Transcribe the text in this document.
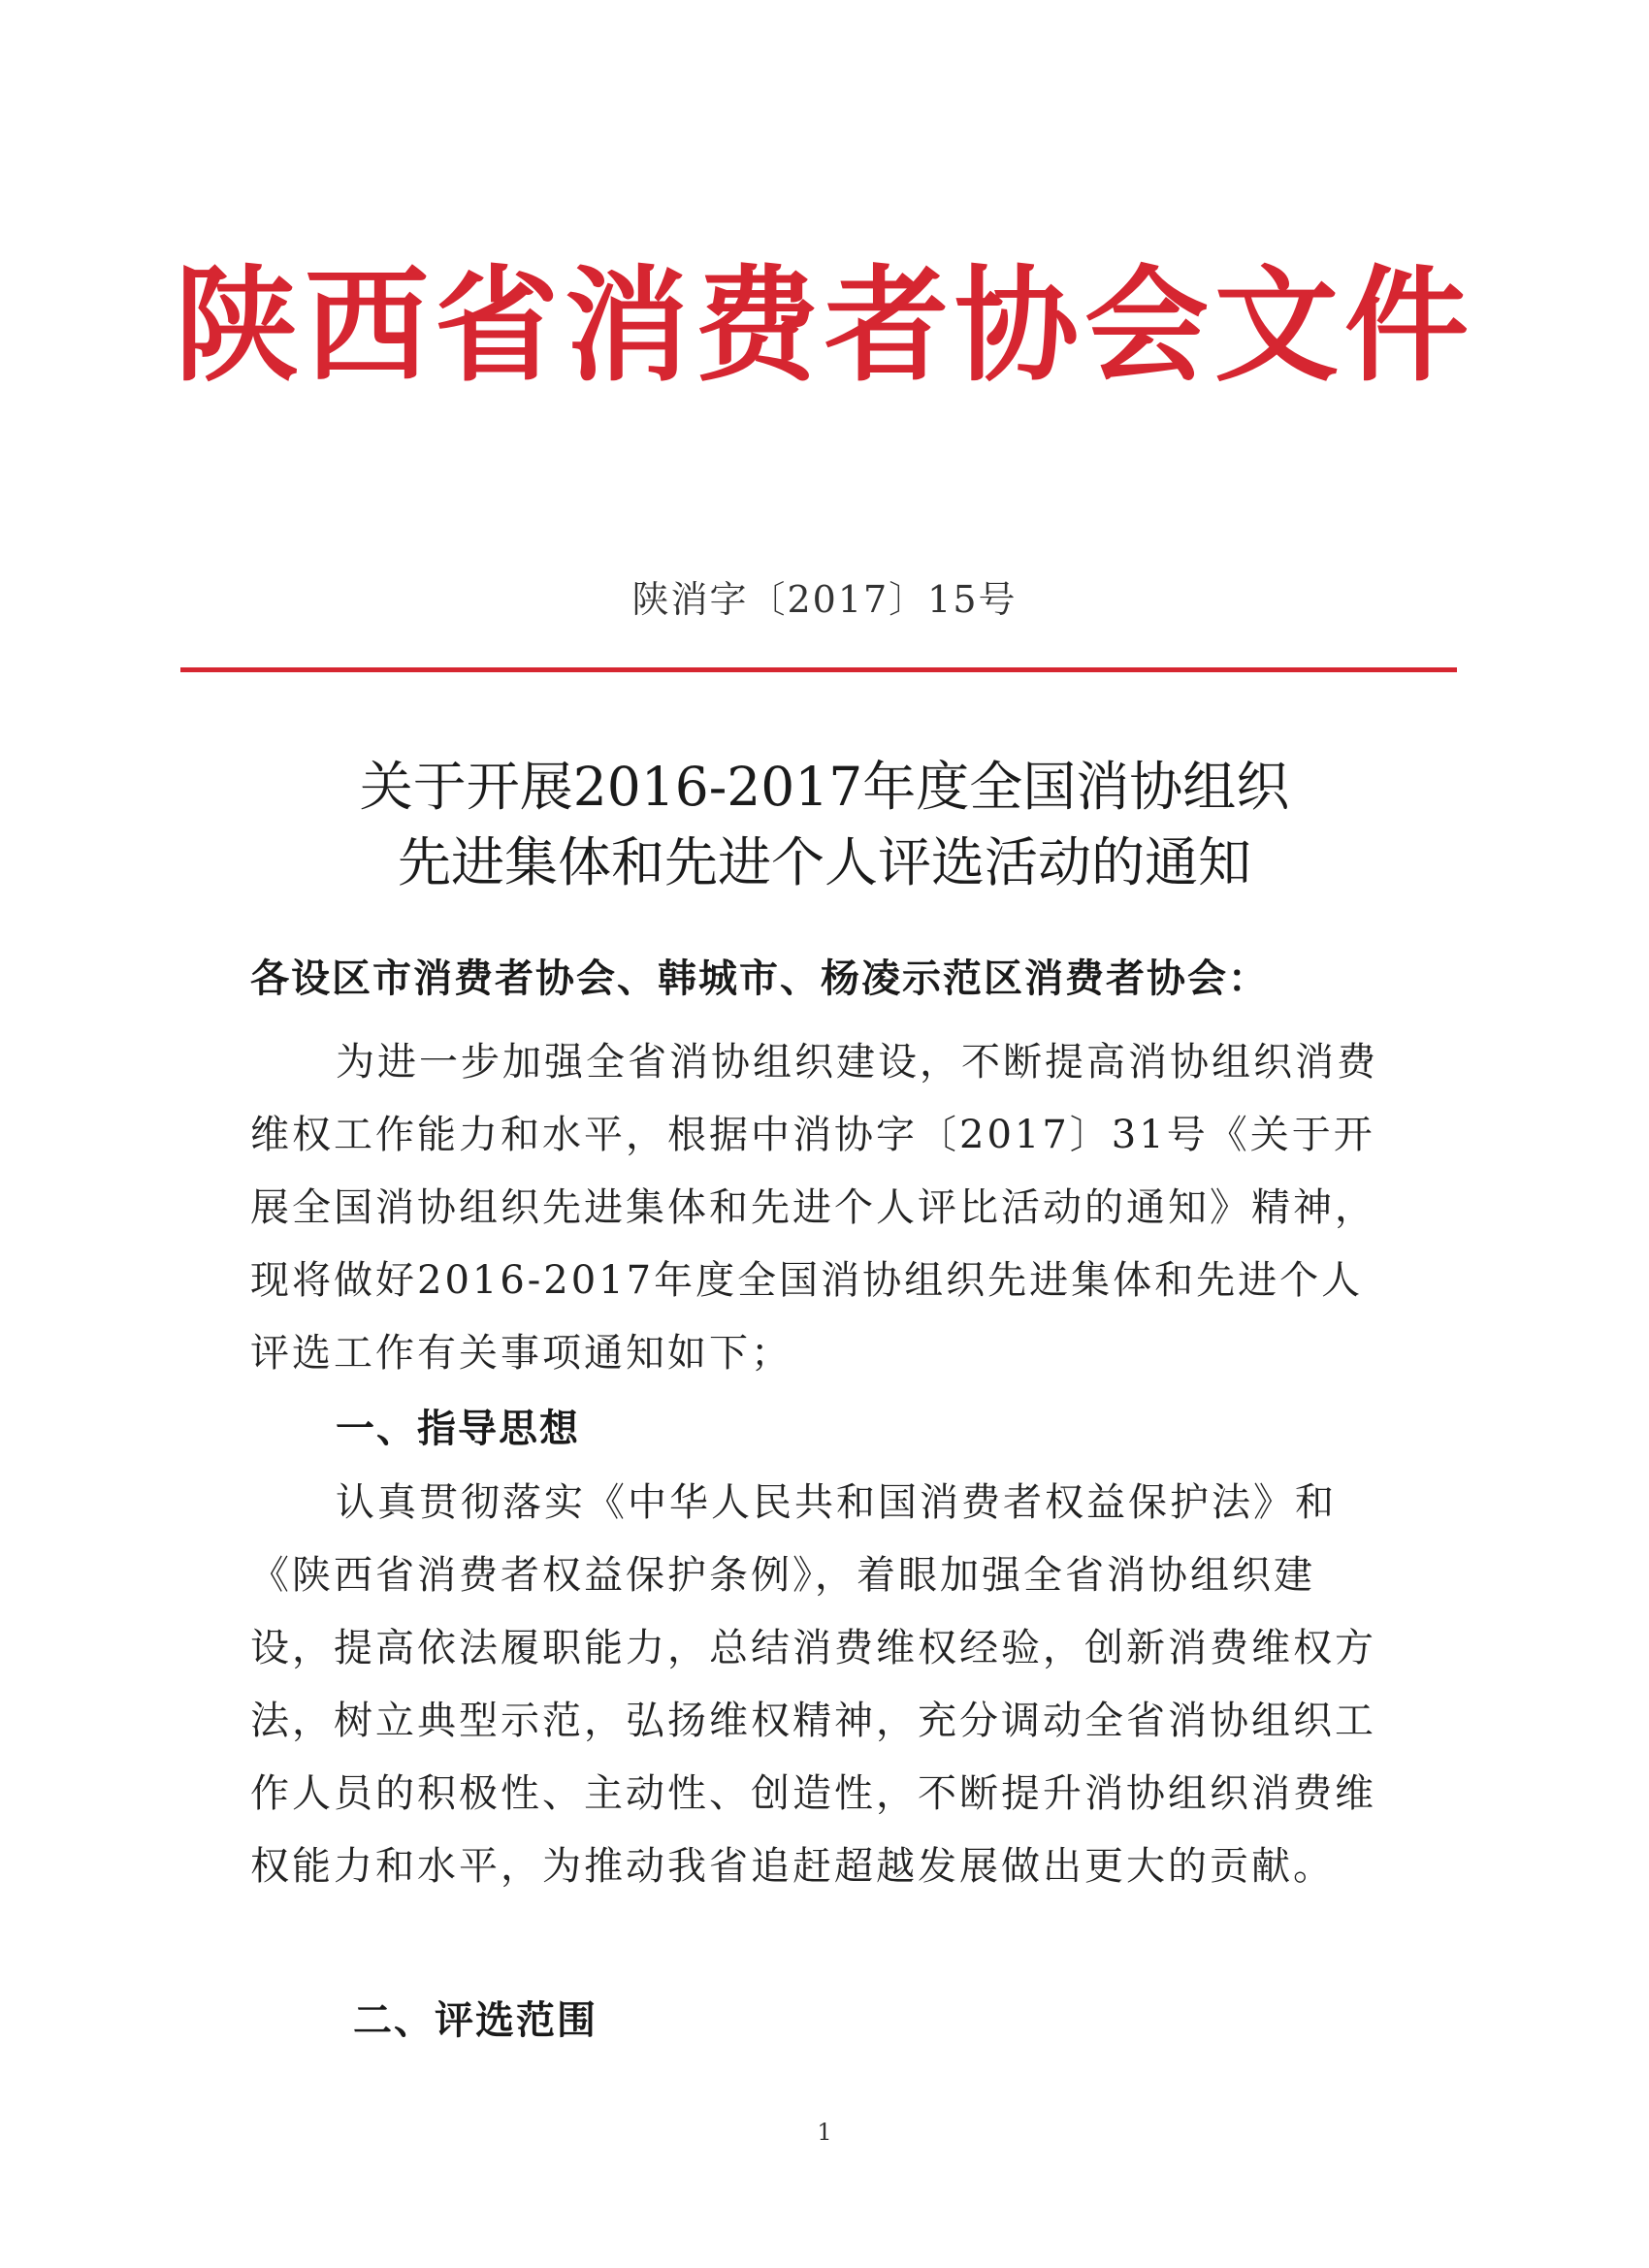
陕西省消费者协会文件
陕消字〔2017〕15号
关于开展2016-2017年度全国消协组织
先进集体和先进个人评选活动的通知
各设区市消费者协会、韩城市、杨凌示范区消费者协会：
为进一步加强全省消协组织建设，不断提高消协组织消费维权工作能力和水平，根据中消协字〔2017〕31号《关于开展全国消协组织先进集体和先进个人评比活动的通知》精神，现将做好2016-2017年度全国消协组织先进集体和先进个人评选工作有关事项通知如下；
一、指导思想
认真贯彻落实《中华人民共和国消费者权益保护法》和《陕西省消费者权益保护条例》，着眼加强全省消协组织建设，提高依法履职能力，总结消费维权经验，创新消费维权方法，树立典型示范，弘扬维权精神，充分调动全省消协组织工作人员的积极性、主动性、创造性，不断提升消协组织消费维权能力和水平，为推动我省追赶超越发展做出更大的贡献。
二、评选范围
1
